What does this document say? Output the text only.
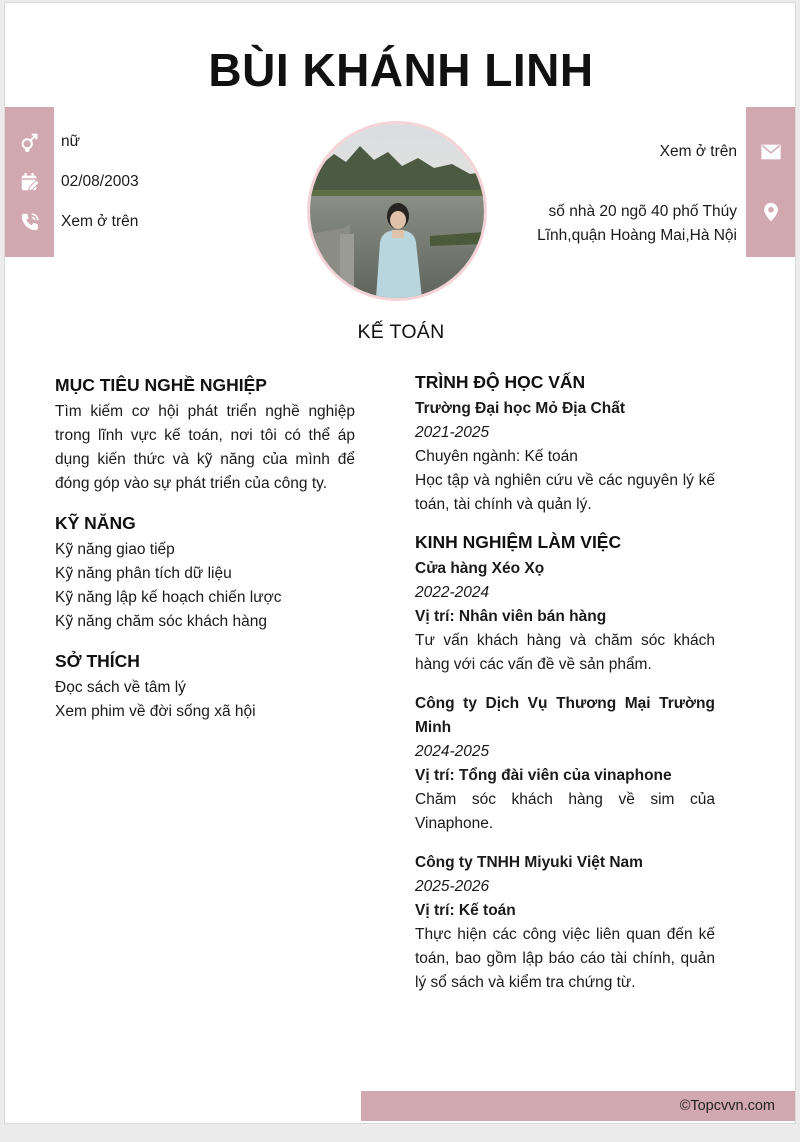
BÙI KHÁNH LINH
nữ
02/08/2003
Xem ở trên
Xem ở trên
số nhà 20 ngõ 40 phố Thúy
Lĩnh,quận Hoàng Mai,Hà Nội
KẾ TOÁN
MỤC TIÊU NGHỀ NGHIỆP
Tìm kiếm cơ hội phát triển nghề nghiệp trong lĩnh vực kế toán, nơi tôi có thể áp dụng kiến thức và kỹ năng của mình để đóng góp vào sự phát triển của công ty.
KỸ NĂNG
Kỹ năng giao tiếp
Kỹ năng phân tích dữ liệu
Kỹ năng lập kế hoạch chiến lược
Kỹ năng chăm sóc khách hàng
SỞ THÍCH
Đọc sách về tâm lý
Xem phim về đời sống xã hội
TRÌNH ĐỘ HỌC VẤN
Trường Đại học Mỏ Địa Chất
2021-2025
Chuyên ngành: Kế toán
Học tập và nghiên cứu về các nguyên lý kế toán, tài chính và quản lý.
KINH NGHIỆM LÀM VIỆC
Cửa hàng Xéo Xọ
2022-2024
Vị trí: Nhân viên bán hàng
Tư vấn khách hàng và chăm sóc khách hàng với các vấn đề về sản phẩm.
Công ty Dịch Vụ Thương Mại Trường Minh
2024-2025
Vị trí: Tổng đài viên của vinaphone
Chăm sóc khách hàng về sim của Vinaphone.
Công ty TNHH Miyuki Việt Nam
2025-2026
Vị trí: Kế toán
Thực hiện các công việc liên quan đến kế toán, bao gồm lập báo cáo tài chính, quản lý sổ sách và kiểm tra chứng từ.
©Topcvvn.com
